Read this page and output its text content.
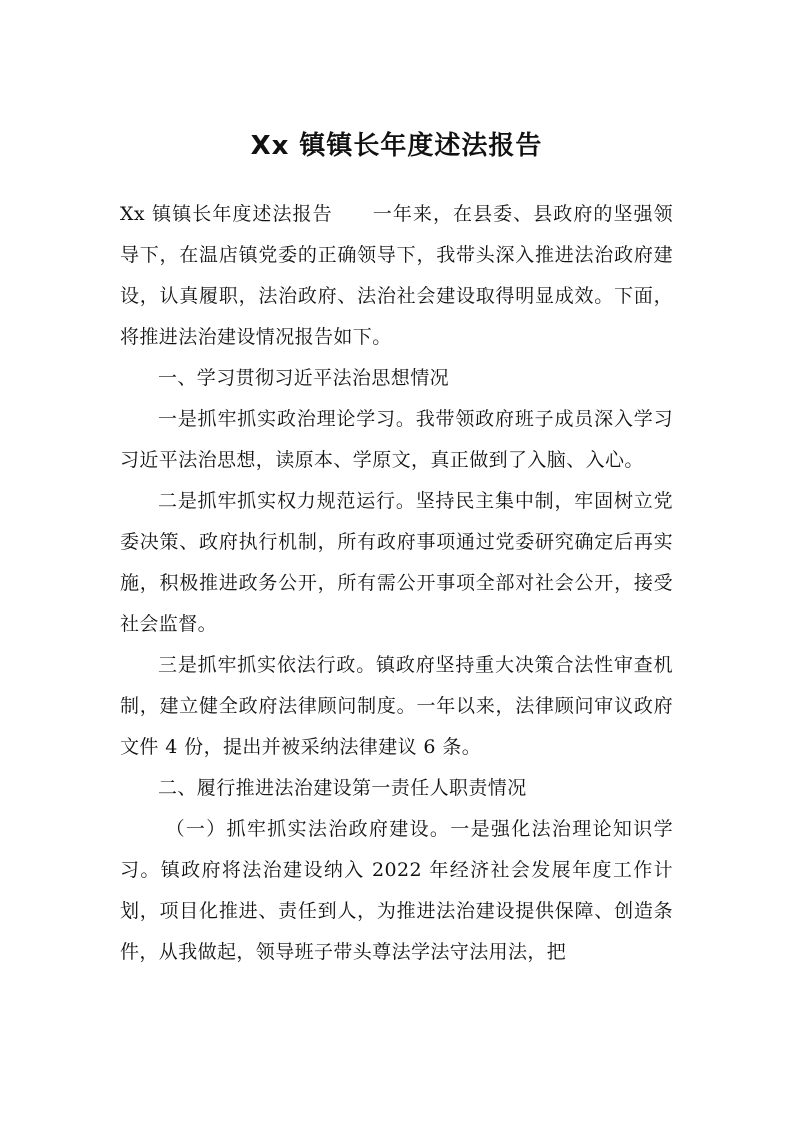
Xx 镇镇长年度述法报告

Xx 镇镇长年度述法报告　　一年来，在县委、县政府的坚强领导下，在温店镇党委的正确领导下，我带头深入推进法治政府建设，认真履职，法治政府、法治社会建设取得明显成效。下面，将推进法治建设情况报告如下。

一、学习贯彻习近平法治思想情况

一是抓牢抓实政治理论学习。我带领政府班子成员深入学习习近平法治思想，读原本、学原文，真正做到了入脑、入心。

二是抓牢抓实权力规范运行。坚持民主集中制，牢固树立党委决策、政府执行机制，所有政府事项通过党委研究确定后再实施，积极推进政务公开，所有需公开事项全部对社会公开，接受社会监督。

三是抓牢抓实依法行政。镇政府坚持重大决策合法性审查机制，建立健全政府法律顾问制度。一年以来，法律顾问审议政府文件 4 份，提出并被采纳法律建议 6 条。

二、履行推进法治建设第一责任人职责情况

（一）抓牢抓实法治政府建设。一是强化法治理论知识学习。镇政府将法治建设纳入 2022 年经济社会发展年度工作计划，项目化推进、责任到人，为推进法治建设提供保障、创造条件，从我做起，领导班子带头尊法学法守法用法，把
